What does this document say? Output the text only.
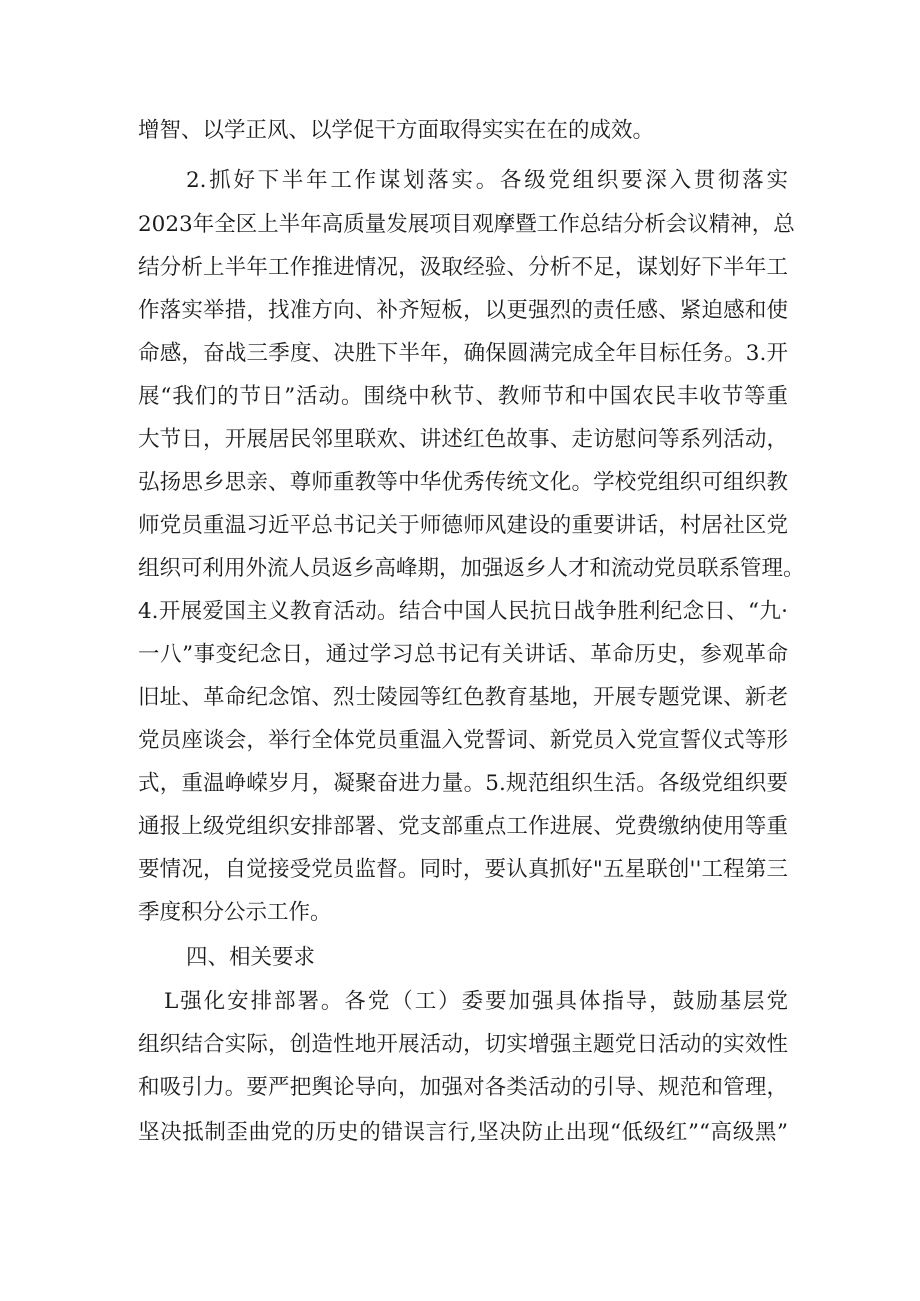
增智、以学正风、以学促干方面取得实实在在的成效。
2.抓好下半年工作谋划落实。各级党组织要深入贯彻落实
2023年全区上半年高质量发展项目观摩暨工作总结分析会议精神，总
结分析上半年工作推进情况，汲取经验、分析不足，谋划好下半年工
作落实举措，找准方向、补齐短板，以更强烈的责任感、紧迫感和使
命感，奋战三季度、决胜下半年，确保圆满完成全年目标任务。3.开
展“我们的节日”活动。围绕中秋节、教师节和中国农民丰收节等重
大节日，开展居民邻里联欢、讲述红色故事、走访慰问等系列活动，
弘扬思乡思亲、尊师重教等中华优秀传统文化。学校党组织可组织教
师党员重温习近平总书记关于师德师风建设的重要讲话，村居社区党
组织可利用外流人员返乡高峰期，加强返乡人才和流动党员联系管理。
4.开展爱国主义教育活动。结合中国人民抗日战争胜利纪念日、“九·
一八”事变纪念日，通过学习总书记有关讲话、革命历史，参观革命
旧址、革命纪念馆、烈士陵园等红色教育基地，开展专题党课、新老
党员座谈会，举行全体党员重温入党誓词、新党员入党宣誓仪式等形
式，重温峥嵘岁月，凝聚奋进力量。5.规范组织生活。各级党组织要
通报上级党组织安排部署、党支部重点工作进展、党费缴纳使用等重
要情况，自觉接受党员监督。同时，要认真抓好"五星联创''工程第三
季度积分公示工作。
四、相关要求
L强化安排部署。各党（工）委要加强具体指导，鼓励基层党
组织结合实际，创造性地开展活动，切实增强主题党日活动的实效性
和吸引力。要严把舆论导向，加强对各类活动的引导、规范和管理，
坚决抵制歪曲党的历史的错误言行,坚决防止出现“低级红”“高级黑”
